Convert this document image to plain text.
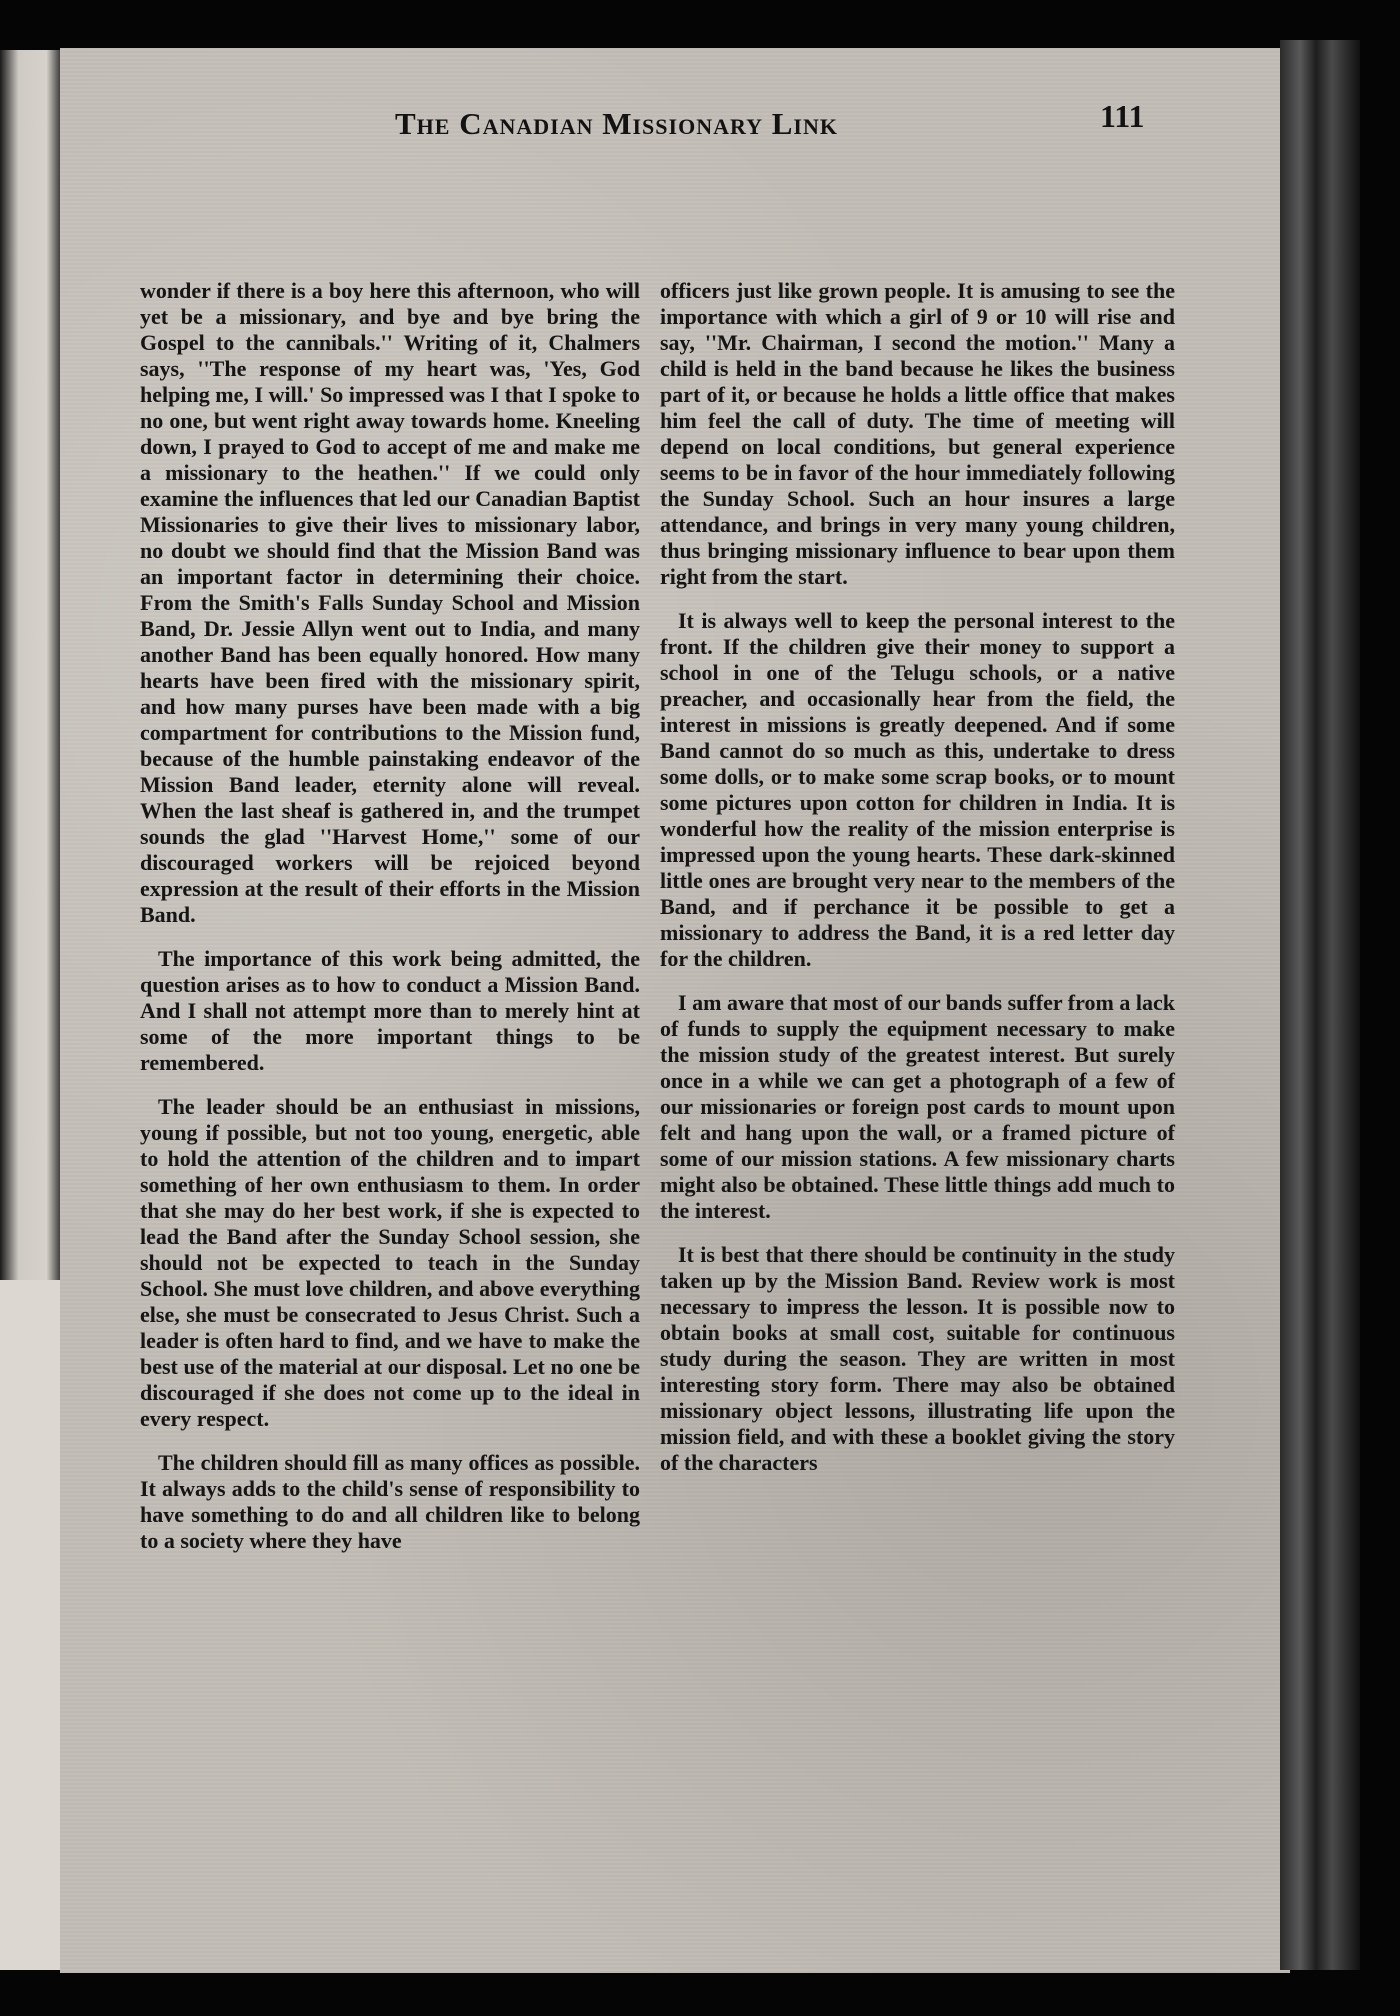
The Canadian Missionary Link	111

wonder if there is a boy here this afternoon, who will yet be a missionary, and bye and bye bring the Gospel to the cannibals.'' Writing of it, Chalmers says, ''The response of my heart was, 'Yes, God helping me, I will.' So impressed was I that I spoke to no one, but went right away towards home. Kneeling down, I prayed to God to accept of me and make me a missionary to the heathen.'' If we could only examine the influences that led our Canadian Baptist Missionaries to give their lives to missionary labor, no doubt we should find that the Mission Band was an important factor in determining their choice. From the Smith's Falls Sunday School and Mission Band, Dr. Jessie Allyn went out to India, and many another Band has been equally honored. How many hearts have been fired with the missionary spirit, and how many purses have been made with a big compartment for contributions to the Mission fund, because of the humble painstaking endeavor of the Mission Band leader, eternity alone will reveal. When the last sheaf is gathered in, and the trumpet sounds the glad ''Harvest Home,'' some of our discouraged workers will be rejoiced beyond expression at the result of their efforts in the Mission Band.

The importance of this work being admitted, the question arises as to how to conduct a Mission Band. And I shall not attempt more than to merely hint at some of the more important things to be remembered.

The leader should be an enthusiast in missions, young if possible, but not too young, energetic, able to hold the attention of the children and to impart something of her own enthusiasm to them. In order that she may do her best work, if she is expected to lead the Band after the Sunday School session, she should not be expected to teach in the Sunday School. She must love children, and above everything else, she must be consecrated to Jesus Christ. Such a leader is often hard to find, and we have to make the best use of the material at our disposal. Let no one be discouraged if she does not come up to the ideal in every respect.

The children should fill as many offices as possible. It always adds to the child's sense of responsibility to have something to do and all children like to belong to a society where they have

officers just like grown people. It is amusing to see the importance with which a girl of 9 or 10 will rise and say, ''Mr. Chairman, I second the motion.'' Many a child is held in the band because he likes the business part of it, or because he holds a little office that makes him feel the call of duty. The time of meeting will depend on local conditions, but general experience seems to be in favor of the hour immediately following the Sunday School. Such an hour insures a large attendance, and brings in very many young children, thus bringing missionary influence to bear upon them right from the start.

It is always well to keep the personal interest to the front. If the children give their money to support a school in one of the Telugu schools, or a native preacher, and occasionally hear from the field, the interest in missions is greatly deepened. And if some Band cannot do so much as this, undertake to dress some dolls, or to make some scrap books, or to mount some pictures upon cotton for children in India. It is wonderful how the reality of the mission enterprise is impressed upon the young hearts. These dark-skinned little ones are brought very near to the members of the Band, and if perchance it be possible to get a missionary to address the Band, it is a red letter day for the children.

I am aware that most of our bands suffer from a lack of funds to supply the equipment necessary to make the mission study of the greatest interest. But surely once in a while we can get a photograph of a few of our missionaries or foreign post cards to mount upon felt and hang upon the wall, or a framed picture of some of our mission stations. A few missionary charts might also be obtained. These little things add much to the interest.

It is best that there should be continuity in the study taken up by the Mission Band. Review work is most necessary to impress the lesson. It is possible now to obtain books at small cost, suitable for continuous study during the season. They are written in most interesting story form. There may also be obtained missionary object lessons, illustrating life upon the mission field, and with these a booklet giving the story of the characters
